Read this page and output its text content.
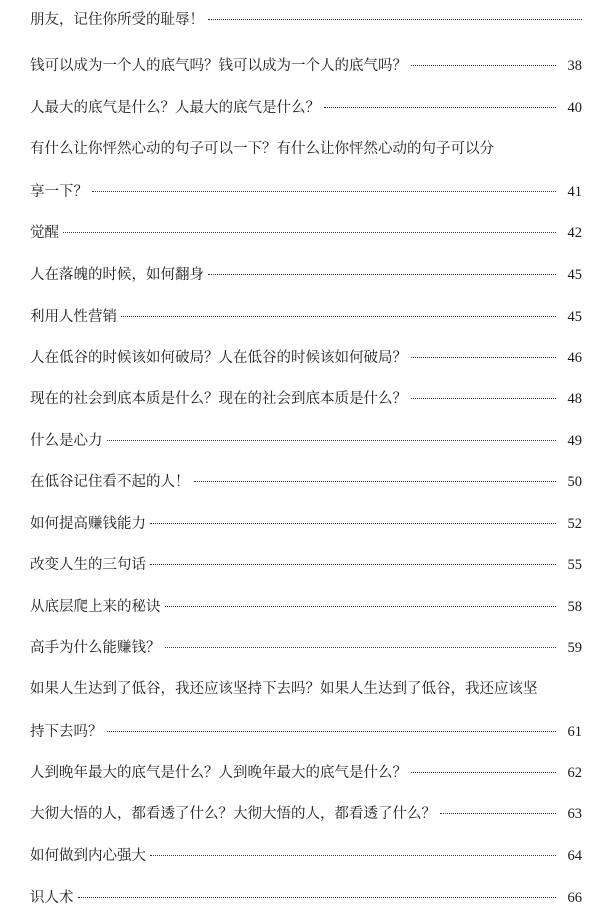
朋友，记住你所受的耻辱！
钱可以成为一个人的底气吗？钱可以成为一个人的底气吗？	38
人最大的底气是什么？人最大的底气是什么？	40
有什么让你怦然心动的句子可以一下？有什么让你怦然心动的句子可以分
享一下？	41
觉醒	42
人在落魄的时候，如何翻身	45
利用人性营销	45
人在低谷的时候该如何破局？人在低谷的时候该如何破局？	46
现在的社会到底本质是什么？现在的社会到底本质是什么？	48
什么是心力	49
在低谷记住看不起的人！	50
如何提高赚钱能力	52
改变人生的三句话	55
从底层爬上来的秘诀	58
高手为什么能赚钱？	59
如果人生达到了低谷，我还应该坚持下去吗？如果人生达到了低谷，我还应该坚
持下去吗？	61
人到晚年最大的底气是什么？人到晚年最大的底气是什么？	62
大彻大悟的人，都看透了什么？大彻大悟的人，都看透了什么？	63
如何做到内心强大	64
识人术	66
